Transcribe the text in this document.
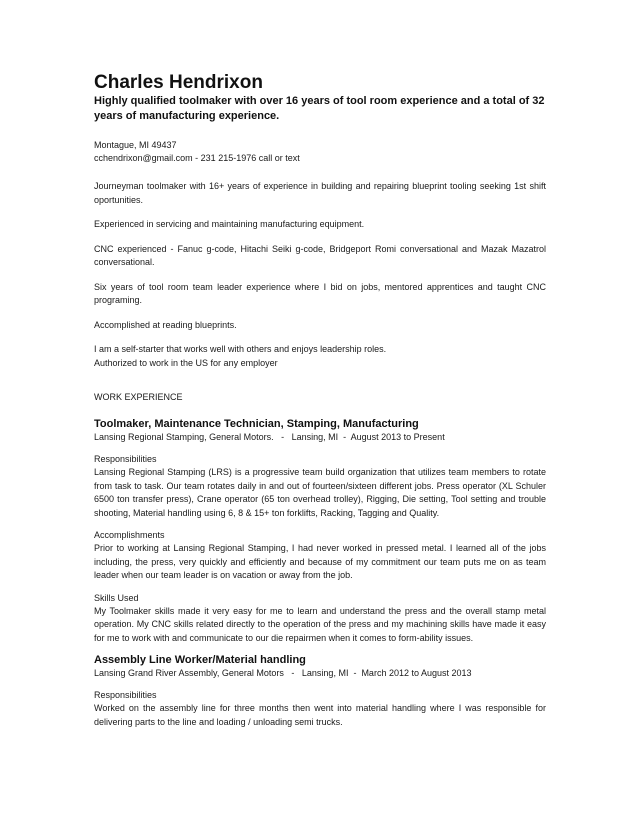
Charles Hendrixon

Highly qualified toolmaker with over 16 years of tool room experience and a total of 32 years of manufacturing experience.

Montague, MI 49437
cchendrixon@gmail.com - 231 215-1976 call or text

Journeyman toolmaker with 16+ years of experience in building and repairing blueprint tooling seeking 1st shift oportunities.

Experienced in servicing and maintaining manufacturing equipment.

CNC experienced - Fanuc g-code, Hitachi Seiki g-code, Bridgeport Romi conversational and Mazak Mazatrol conversational.

Six years of tool room team leader experience where I bid on jobs, mentored apprentices and taught CNC programing.

Accomplished at reading blueprints.

I am a self-starter that works well with others and enjoys leadership roles.

Authorized to work in the US for any employer

WORK EXPERIENCE
Toolmaker, Maintenance Technician, Stamping, Manufacturing
Lansing Regional Stamping, General Motors.   -   Lansing, MI  -  August 2013 to Present
Responsibilities

Lansing Regional Stamping (LRS) is a progressive team build organization that utilizes team members to rotate from task to task. Our team rotates daily in and out of fourteen/sixteen different jobs. Press operator (XL Schuler 6500 ton transfer press), Crane operator (65 ton overhead trolley), Rigging, Die setting, Tool setting and trouble shooting, Material handling using 6, 8 & 15+ ton forklifts, Racking, Tagging and Quality.

Accomplishments

Prior to working at Lansing Regional Stamping, I had never worked in pressed metal. I learned all of the jobs including, the press, very quickly and efficiently and because of my commitment our team puts me on as team leader when our team leader is on vacation or away from the job.

Skills Used

My Toolmaker skills made it very easy for me to learn and understand the press and the overall stamp metal operation. My CNC skills related directly to the operation of the press and my machining skills have made it easy for me to work with and communicate to our die repairmen when it comes to form-ability issues.

Assembly Line Worker/Material handling
Lansing Grand River Assembly, General Motors   -   Lansing, MI  -  March 2012 to August 2013
Responsibilities

Worked on the assembly line for three months then went into material handling where I was responsible for delivering parts to the line and loading / unloading semi trucks.
